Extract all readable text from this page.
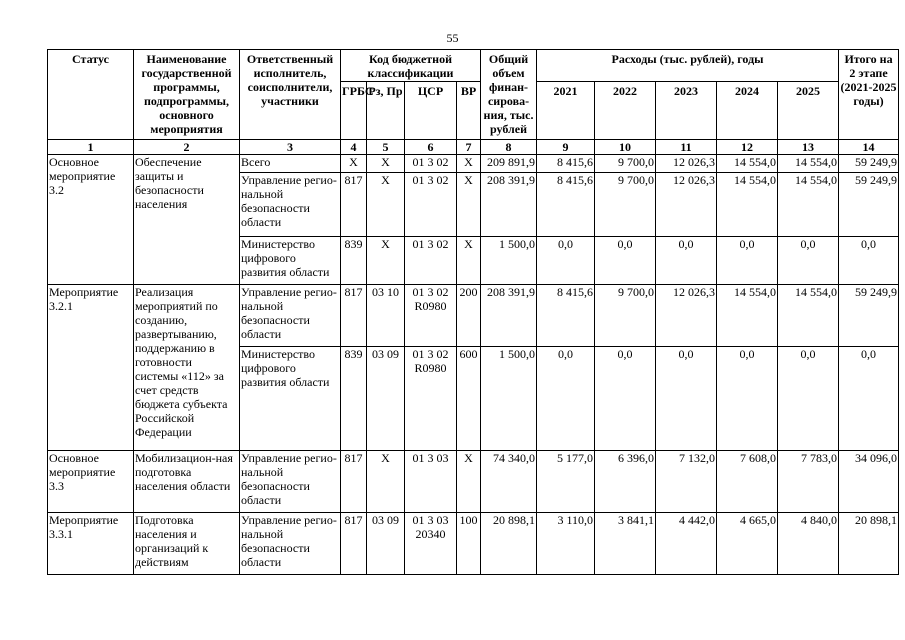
55
Статус	Наименование государственной программы, подпрограммы, основного мероприятия	Ответственный исполнитель, соисполнители, участники	Код бюджетной классификации				Общий объем финан-сирова-ния, тыс. рублей	Расходы (тыс. рублей), годы					Итого на 2 этапе (2021-2025 годы)
			ГРБС	Рз, Пр	ЦСР	ВР		2021	2022	2023	2024	2025	
1	2	3	4	5	6	7	8	9	10	11	12	13	14
Основное мероприятие 3.2	Обеспечение защиты и безопасности населения	Всего	Х	Х	01 3 02	Х	209 891,9	8 415,6	9 700,0	12 026,3	14 554,0	14 554,0	59 249,9
		Управление региональной безопасности области	817	Х	01 3 02	Х	208 391,9	8 415,6	9 700,0	12 026,3	14 554,0	14 554,0	59 249,9
		Министерство цифрового развития области	839	Х	01 3 02	Х	1 500,0	0,0	0,0	0,0	0,0	0,0	0,0
Мероприятие 3.2.1	Реализация мероприятий по созданию, развертыванию, поддержанию в готовности системы «112» за счет средств бюджета субъекта Российской Федерации	Управление региональной безопасности области	817	03 10	01 3 02 R0980	200	208 391,9	8 415,6	9 700,0	12 026,3	14 554,0	14 554,0	59 249,9
		Министерство цифрового развития области	839	03 09	01 3 02 R0980	600	1 500,0	0,0	0,0	0,0	0,0	0,0	0,0
Основное мероприятие 3.3	Мобилизацион-ная подготовка населения области	Управление региональной безопасности области	817	Х	01 3 03	Х	74 340,0	5 177,0	6 396,0	7 132,0	7 608,0	7 783,0	34 096,0
Мероприятие 3.3.1	Подготовка населения и организаций к действиям	Управление региональной безопасности области	817	03 09	01 3 03 20340	100	20 898,1	3 110,0	3 841,1	4 442,0	4 665,0	4 840,0	20 898,1
